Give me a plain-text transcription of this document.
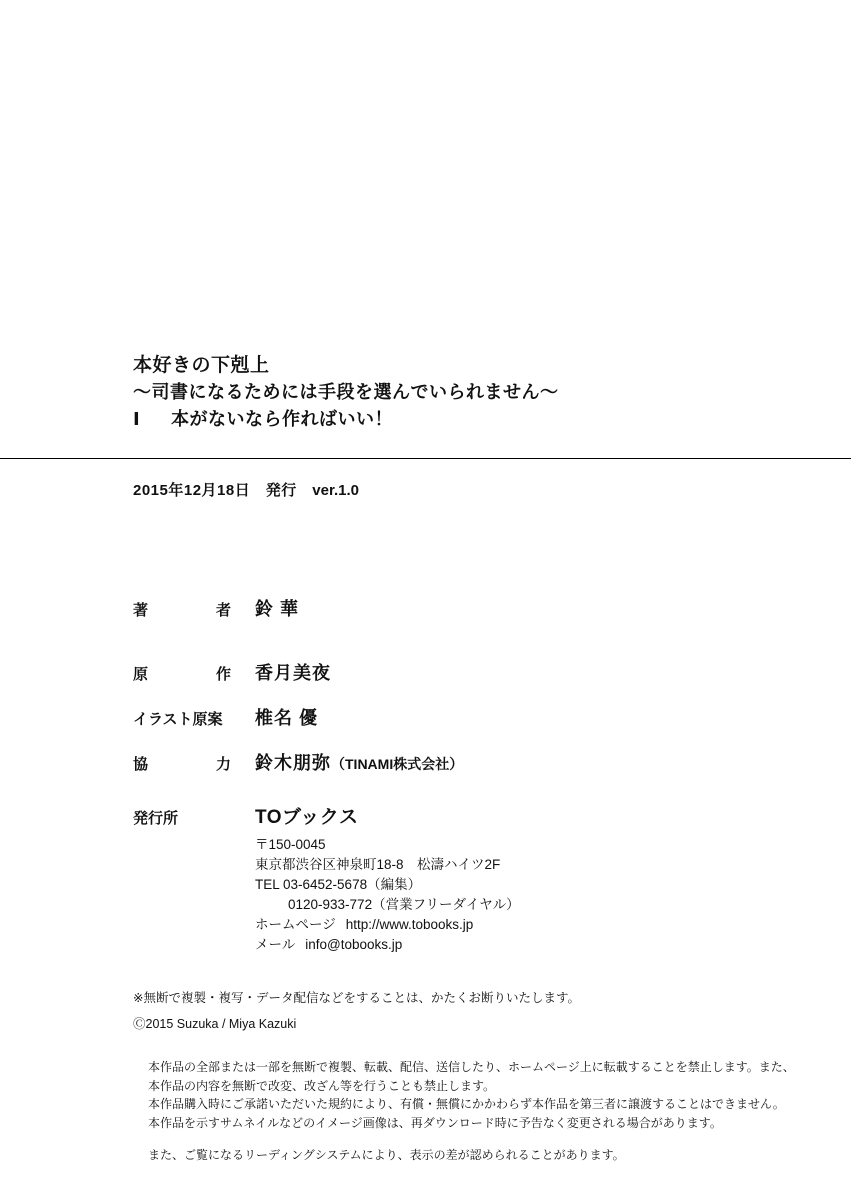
本好きの下剋上
〜司書になるためには手段を選んでいられません〜
Ⅰ 本がないなら作ればいい！
2015年12月18日　発行　 ver.1.0
著	者 鈴 華
原	作 香月美夜
イラスト原案	椎名 優
協	力 鈴木朋弥（TINAMI株式会社）
発行所	TOブックス
〒150-0045
東京都渋谷区神泉町18-8　松濤ハイツ2F
TEL 03-6452-5678（編集）
0120-933-772（営業フリーダイヤル）
ホームページ http://www.tobooks.jp
メール info@tobooks.jp
※無断で複製・複写・データ配信などをすることは、かたくお断りいたします。
Ⓒ2015 Suzuka / Miya Kazuki
本作品の全部または一部を無断で複製、転載、配信、送信したり、ホームページ上に転載することを禁止します。また、
本作品の内容を無断で改変、改ざん等を行うことも禁止します。
本作品購入時にご承諾いただいた規約により、有償・無償にかかわらず本作品を第三者に譲渡することはできません。
本作品を示すサムネイルなどのイメージ画像は、再ダウンロード時に予告なく変更される場合があります。
また、ご覧になるリーディングシステムにより、表示の差が認められることがあります。
